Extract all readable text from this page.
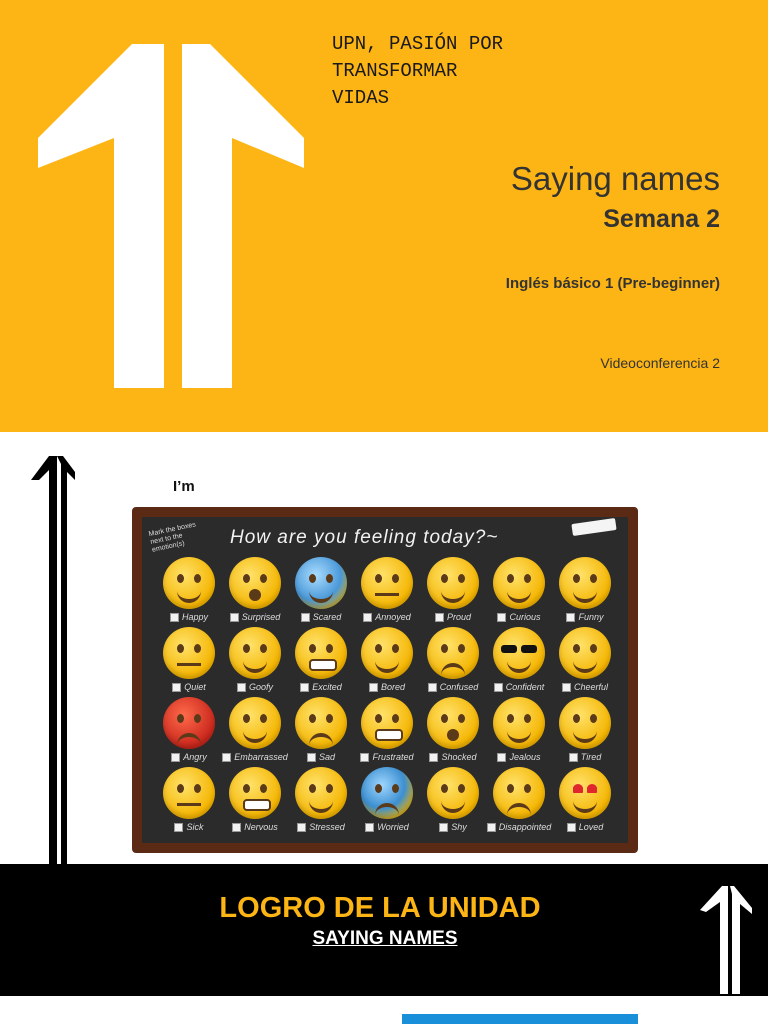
UPN, PASIÓN POR
TRANSFORMAR
VIDAS

Saying names
Semana 2
Inglés básico 1 (Pre-beginner)
Videoconferencia 2
I’m
Mark the boxes next to the emotion(s)	How are you feeling today?~
Happy	Surprised	Scared	Annoyed	Proud	Curious	Funny
Quiet	Goofy	Excited	Bored	Confused	Confident	Cheerful
Angry	Embarrassed	Sad	Frustrated	Shocked	Jealous	Tired
Sick	Nervous	Stressed	Worried	Shy	Disappointed	Loved
LOGRO DE LA UNIDAD
SAYING NAMES
